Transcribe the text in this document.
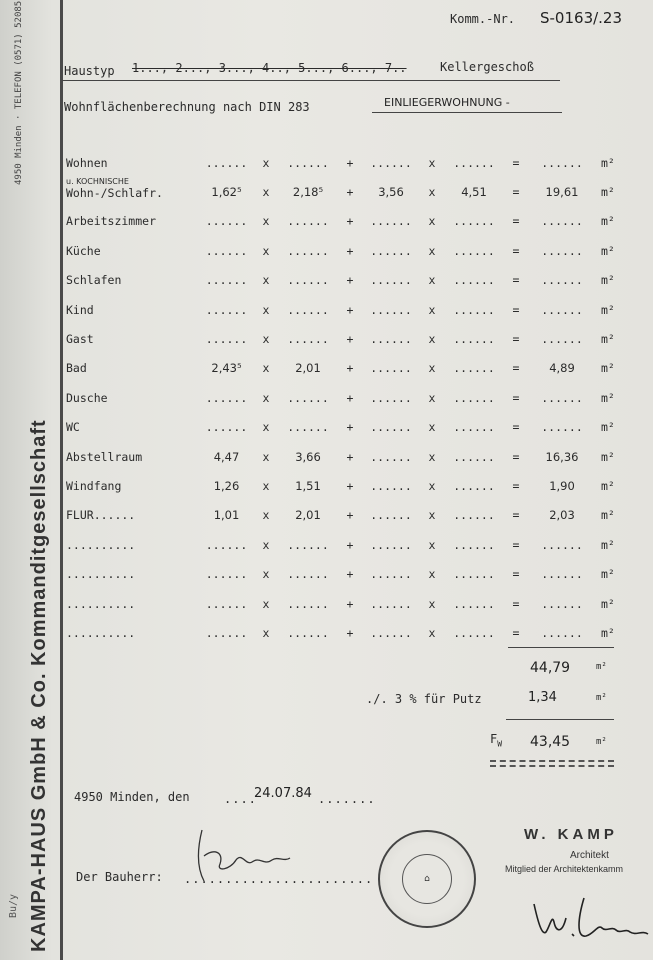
4950 Minden · TELEFON (0571) 52085
KAMPA-HAUS GmbH & Co. Kommanditgesellschaft
Bu/y
Komm.-Nr. S-0163/.23
Haustyp 1..., 2..., 3..., 4.., 5..., 6..., 7..	Kellergeschoß
Wohnflächenberechnung nach DIN 283	EINLIEGERWOHNUNG -
Wohnen	......	x	......	+	......	x	......	=	......	m²

u. KOCHNISCHE
Wohn-/Schlafr.	1,62⁵	x	2,18⁵	+	3,56	x	4,51	=	19,61	m²
Arbeitszimmer	......	x	......	+	......	x	......	=	......	m²
Küche	......	x	......	+	......	x	......	=	......	m²
Schlafen	......	x	......	+	......	x	......	=	......	m²
Kind	......	x	......	+	......	x	......	=	......	m²
Gast	......	x	......	+	......	x	......	=	......	m²
Bad	2,43⁵	x	2,01	+	......	x	......	=	4,89	m²
Dusche	......	x	......	+	......	x	......	=	......	m²
WC	......	x	......	+	......	x	......	=	......	m²
Abstellraum	4,47	x	3,66	+	......	x	......	=	16,36	m²
Windfang	1,26	x	1,51	+	......	x	......	=	1,90	m²
FLUR......	1,01	x	2,01	+	......	x	......	=	2,03	m²
..........	......	x	......	+	......	x	......	=	......	m²
..........	......	x	......	+	......	x	......	=	......	m²
..........	......	x	......	+	......	x	......	=	......	m²
..........	......	x	......	+	......	x	......	=	......	m²
44,79	m²
./. 3 % für Putz	1,34	m²
$F_W$ 43,45	m²
4950 Minden, den	24.07.84
....	.......
Der Bauherr: .......................	⌂
W. KAMP
Architekt
Mitglied der Architektenkamm
